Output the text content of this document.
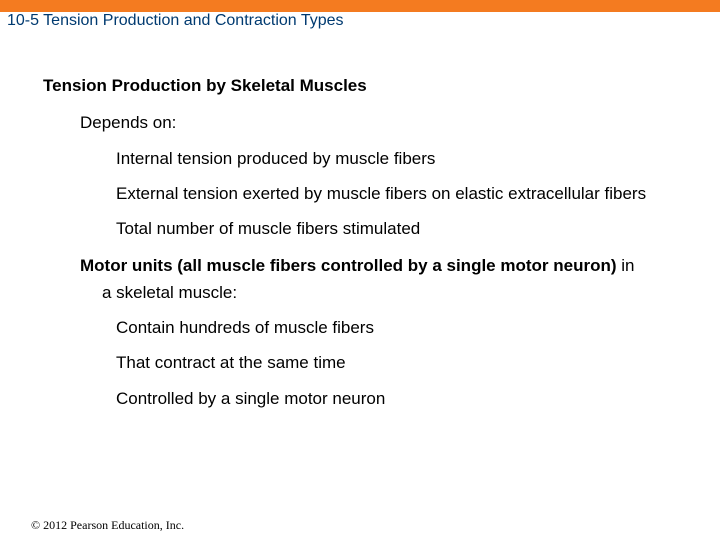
10-5 Tension Production and Contraction Types
Tension Production by Skeletal Muscles
Depends on:
Internal tension produced by muscle fibers
External tension exerted by muscle fibers on elastic extracellular fibers
Total number of muscle fibers stimulated
Motor units (all muscle fibers controlled by a single motor neuron) in
a skeletal muscle:
Contain hundreds of muscle fibers
That contract at the same time
Controlled by a single motor neuron
© 2012 Pearson Education, Inc.
